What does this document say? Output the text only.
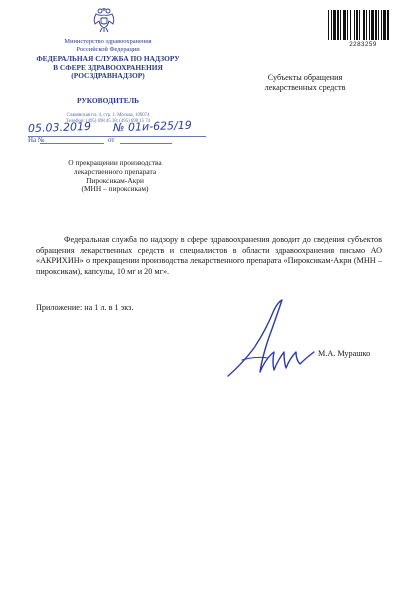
Министерство здравоохранения
Российской Федерации
ФЕДЕРАЛЬНАЯ СЛУЖБА ПО НАДЗОРУ
В СФЕРЕ ЗДРАВООХРАНЕНИЯ
(РОСЗДРАВНАДЗОР)
РУКОВОДИТЕЛЬ
Славянская пл. 4, стр. 1, Москва, 109074
Телефон: (495) 698 45 38; (495) 698 15 74
05.03.2019 № 01и-625/19
На №	от
О прекращении производства
лекарственного препарата
Пироксикам-Акри
(МНН – пироксикам)
2283259
Субъекты обращения
лекарственных средств

Федеральная служба по надзору в сфере здравоохранения доводит до сведения субъектов обращения лекарственных средств и специалистов в области здравоохранения письмо АО «АКРИХИН» о прекращении производства лекарственного препарата «Пироксикам-Акри (МНН – пироксикам), капсулы, 10 мг и 20 мг».

Приложение: на 1 л. в 1 экз.
М.А. Мурашко
